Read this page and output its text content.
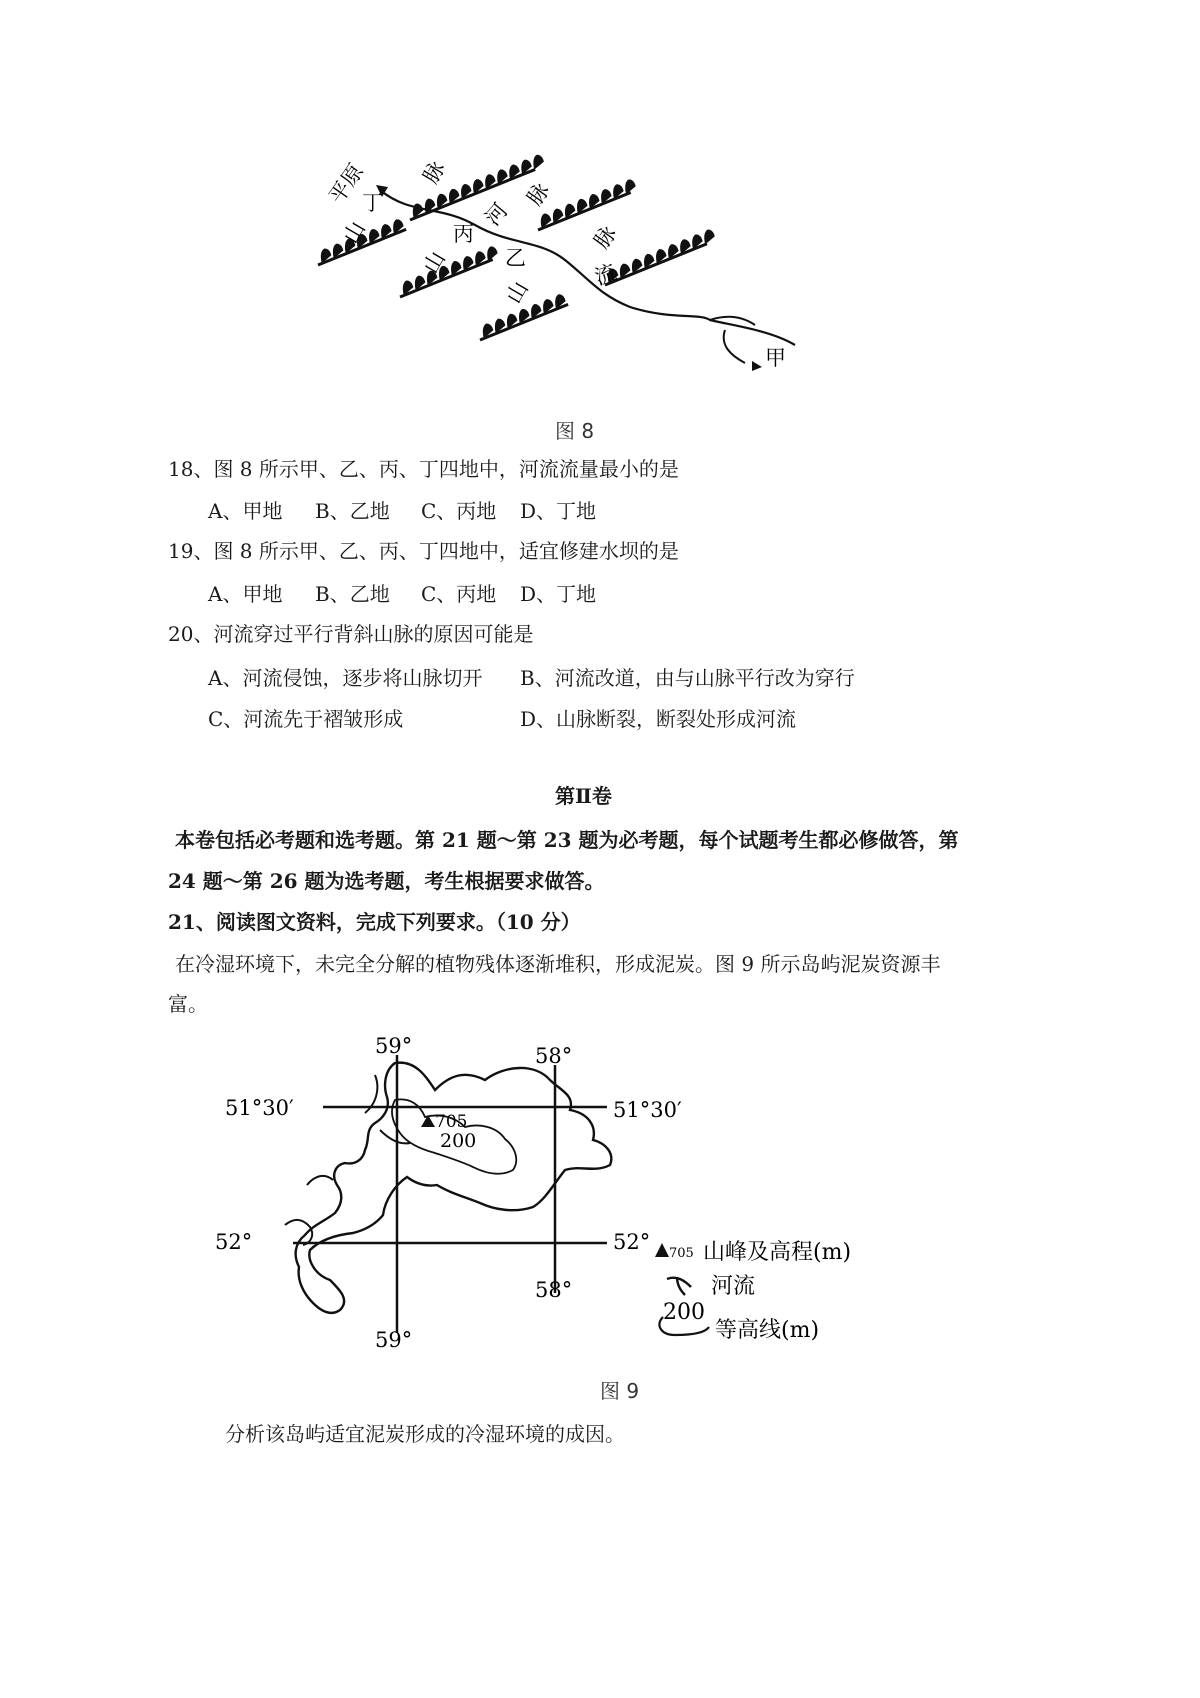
平原
丁
脉
山	丙
河
脉
山	乙
脉
山
流
甲
图 8
18、图 8 所示甲、乙、丙、丁四地中，河流流量最小的是
A、甲地 B、乙地 C、丙地 D、丁地
19、图 8 所示甲、乙、丙、丁四地中，适宜修建水坝的是
A、甲地 B、乙地 C、丙地 D、丁地
20、河流穿过平行背斜山脉的原因可能是
A、河流侵蚀，逐步将山脉切开 B、河流改道，由与山脉平行改为穿行
C、河流先于褶皱形成	D、山脉断裂，断裂处形成河流
第Ⅱ卷
本卷包括必考题和选考题。第 21 题～第 23 题为必考题，每个试题考生都必修做答，第
24 题～第 26 题为选考题，考生根据要求做答。
21、阅读图文资料，完成下列要求。（10 分）
在冷湿环境下，未完全分解的植物残体逐渐堆积，形成泥炭。图 9 所示岛屿泥炭资源丰
富。
59°	58°
51°30′	51°30′
52°	52°
58°
59°
705
200
705 山峰及高程(m)
河流
200
等高线(m)
图 9
分析该岛屿适宜泥炭形成的冷湿环境的成因。
